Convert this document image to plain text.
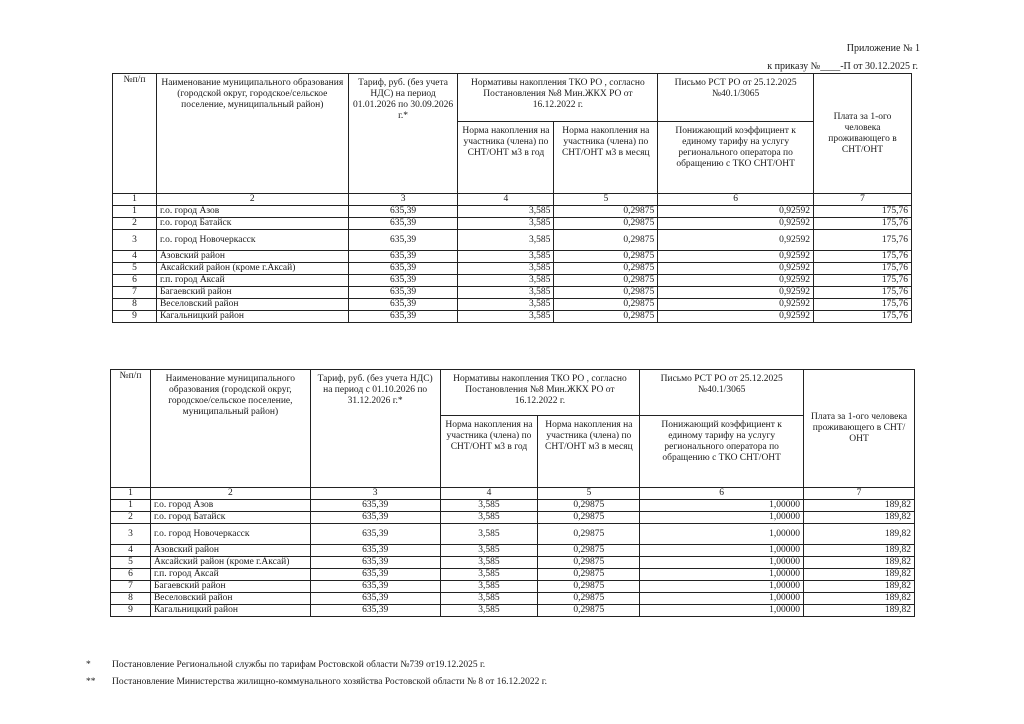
Приложение № 1
к приказу №____-П от 30.12.2025 г.
№п/п	Наименование муниципального образования (городской округ, городское/сельское поселение, муниципальный район)	Тариф, руб. (без учета НДС) на период 01.01.2026 по 30.09.2026 г.*	Нормативы накопления ТКО РО , согласно Постановления №8 Мин.ЖКХ РО от 16.12.2022 г.		Письмо РСТ РО от 25.12.2025 №40.1/3065	Плата за 1-ого человека проживающего в СНТ/ОНТ
			Норма накопления на участника (члена) по СНТ/ОНТ м3 в год	Норма накопления на участника (члена) по СНТ/ОНТ м3 в месяц	Понижающий коэффициент к единому тарифу на услугу регионального оператора по обращению с ТКО СНТ/ОНТ	
1	2	3	4	5	6	7
1	г.о. город Азов	635,39	3,585	0,29875	0,92592	175,76
2	г.о. город Батайск	635,39	3,585	0,29875	0,92592	175,76
3	г.о. город Новочеркасск	635,39	3,585	0,29875	0,92592	175,76
4	Азовский район	635,39	3,585	0,29875	0,92592	175,76
5	Аксайский район (кроме г.Аксай)	635,39	3,585	0,29875	0,92592	175,76
6	г.п. город Аксай	635,39	3,585	0,29875	0,92592	175,76
7	Багаевский район	635,39	3,585	0,29875	0,92592	175,76
8	Веселовский район	635,39	3,585	0,29875	0,92592	175,76
9	Кагальницкий район	635,39	3,585	0,29875	0,92592	175,76
№п/п	Наименование муниципального образования (городской округ, городское/сельское поселение, муниципальный район)	Тариф, руб. (без учета НДС) на период с 01.10.2026 по 31.12.2026 г.*	Нормативы накопления ТКО РО , согласно Постановления №8 Мин.ЖКХ РО от 16.12.2022 г.		Письмо РСТ РО от 25.12.2025 №40.1/3065	Плата за 1-ого человека проживающего в СНТ/ОНТ
			Норма накопления на участника (члена) по СНТ/ОНТ м3 в год	Норма накопления на участника (члена) по СНТ/ОНТ м3 в месяц	Понижающий коэффициент к единому тарифу на услугу регионального оператора по обращению с ТКО СНТ/ОНТ	
1	2	3	4	5	6	7
1	г.о. город Азов	635,39	3,585	0,29875	1,00000	189,82
2	г.о. город Батайск	635,39	3,585	0,29875	1,00000	189,82
3	г.о. город Новочеркасск	635,39	3,585	0,29875	1,00000	189,82
4	Азовский район	635,39	3,585	0,29875	1,00000	189,82
5	Аксайский район (кроме г.Аксай)	635,39	3,585	0,29875	1,00000	189,82
6	г.п. город Аксай	635,39	3,585	0,29875	1,00000	189,82
7	Багаевский район	635,39	3,585	0,29875	1,00000	189,82
8	Веселовский район	635,39	3,585	0,29875	1,00000	189,82
9	Кагальницкий район	635,39	3,585	0,29875	1,00000	189,82
* Постановление Региональной службы по тарифам Ростовской области №739 от19.12.2025 г.
** Постановление Министерства жилищно-коммунального хозяйства Ростовской области № 8 от 16.12.2022 г.
